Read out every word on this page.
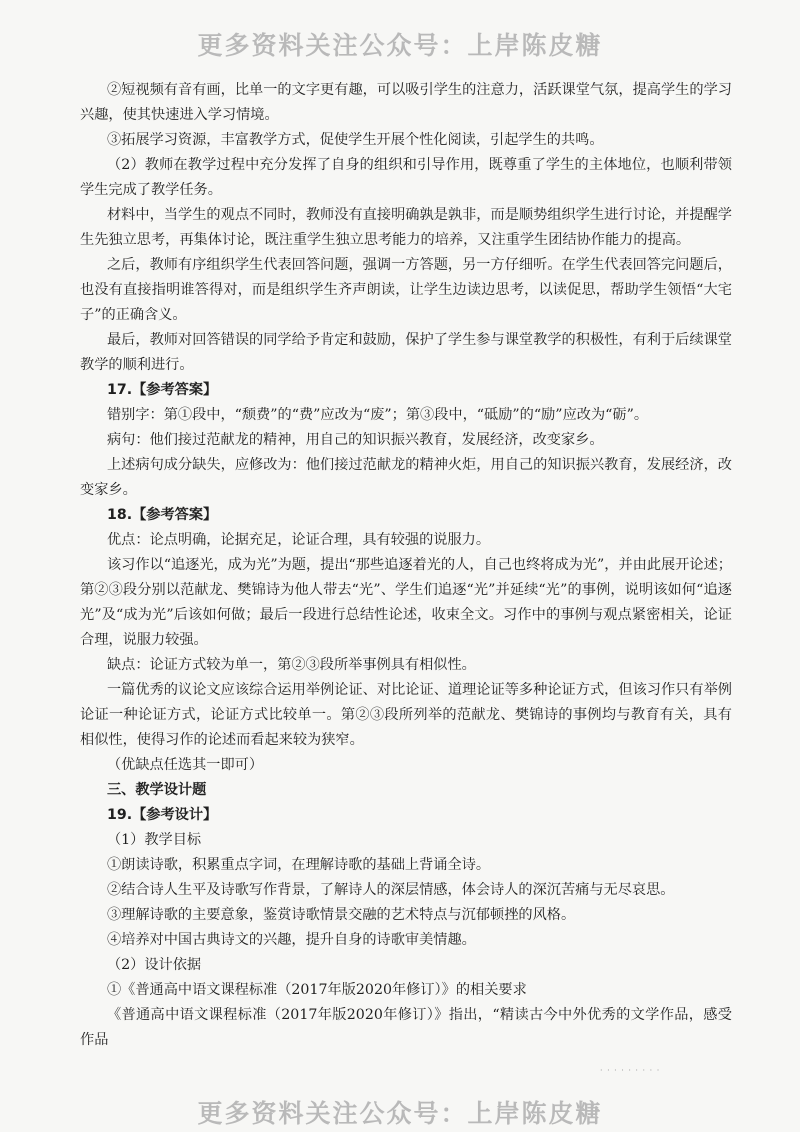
更多资料关注公众号：上岸陈皮糖

②短视频有音有画，比单一的文字更有趣，可以吸引学生的注意力，活跃课堂气氛，提高学生的学习兴趣，使其快速进入学习情境。

③拓展学习资源，丰富教学方式，促使学生开展个性化阅读，引起学生的共鸣。

（2）教师在教学过程中充分发挥了自身的组织和引导作用，既尊重了学生的主体地位，也顺利带领学生完成了教学任务。

材料中，当学生的观点不同时，教师没有直接明确孰是孰非，而是顺势组织学生进行讨论，并提醒学生先独立思考，再集体讨论，既注重学生独立思考能力的培养，又注重学生团结协作能力的提高。

之后，教师有序组织学生代表回答问题，强调一方答题，另一方仔细听。在学生代表回答完问题后，也没有直接指明谁答得对，而是组织学生齐声朗读，让学生边读边思考，以读促思，帮助学生领悟“大宅子”的正确含义。

最后，教师对回答错误的同学给予肯定和鼓励，保护了学生参与课堂教学的积极性，有利于后续课堂教学的顺利进行。

17.【参考答案】

错别字：第①段中，“颓费”的“费”应改为“废”；第③段中，“砥励”的“励”应改为“砺”。

病句：他们接过范献龙的精神，用自己的知识振兴教育，发展经济，改变家乡。

上述病句成分缺失，应修改为：他们接过范献龙的精神火炬，用自己的知识振兴教育，发展经济，改变家乡。

18.【参考答案】

优点：论点明确，论据充足，论证合理，具有较强的说服力。

该习作以“追逐光，成为光”为题，提出“那些追逐着光的人，自己也终将成为光”，并由此展开论述；第②③段分别以范献龙、樊锦诗为他人带去“光”、学生们追逐“光”并延续“光”的事例，说明该如何“追逐光”及“成为光”后该如何做；最后一段进行总结性论述，收束全文。习作中的事例与观点紧密相关，论证合理，说服力较强。

缺点：论证方式较为单一，第②③段所举事例具有相似性。

一篇优秀的议论文应该综合运用举例论证、对比论证、道理论证等多种论证方式，但该习作只有举例论证一种论证方式，论证方式比较单一。第②③段所列举的范献龙、樊锦诗的事例均与教育有关，具有相似性，使得习作的论述而看起来较为狭窄。

（优缺点任选其一即可）

三、教学设计题

19.【参考设计】

（1）教学目标

①朗读诗歌，积累重点字词，在理解诗歌的基础上背诵全诗。

②结合诗人生平及诗歌写作背景，了解诗人的深层情感，体会诗人的深沉苦痛与无尽哀思。

③理解诗歌的主要意象，鉴赏诗歌情景交融的艺术特点与沉郁顿挫的风格。

④培养对中国古典诗文的兴趣，提升自身的诗歌审美情趣。

（2）设计依据

①《普通高中语文课程标准（2017年版2020年修订）》的相关要求

《普通高中语文课程标准（2017年版2020年修订）》指出，“精读古今中外优秀的文学作品，感受作品

· · · · · · · · ·
更多资料关注公众号：上岸陈皮糖
